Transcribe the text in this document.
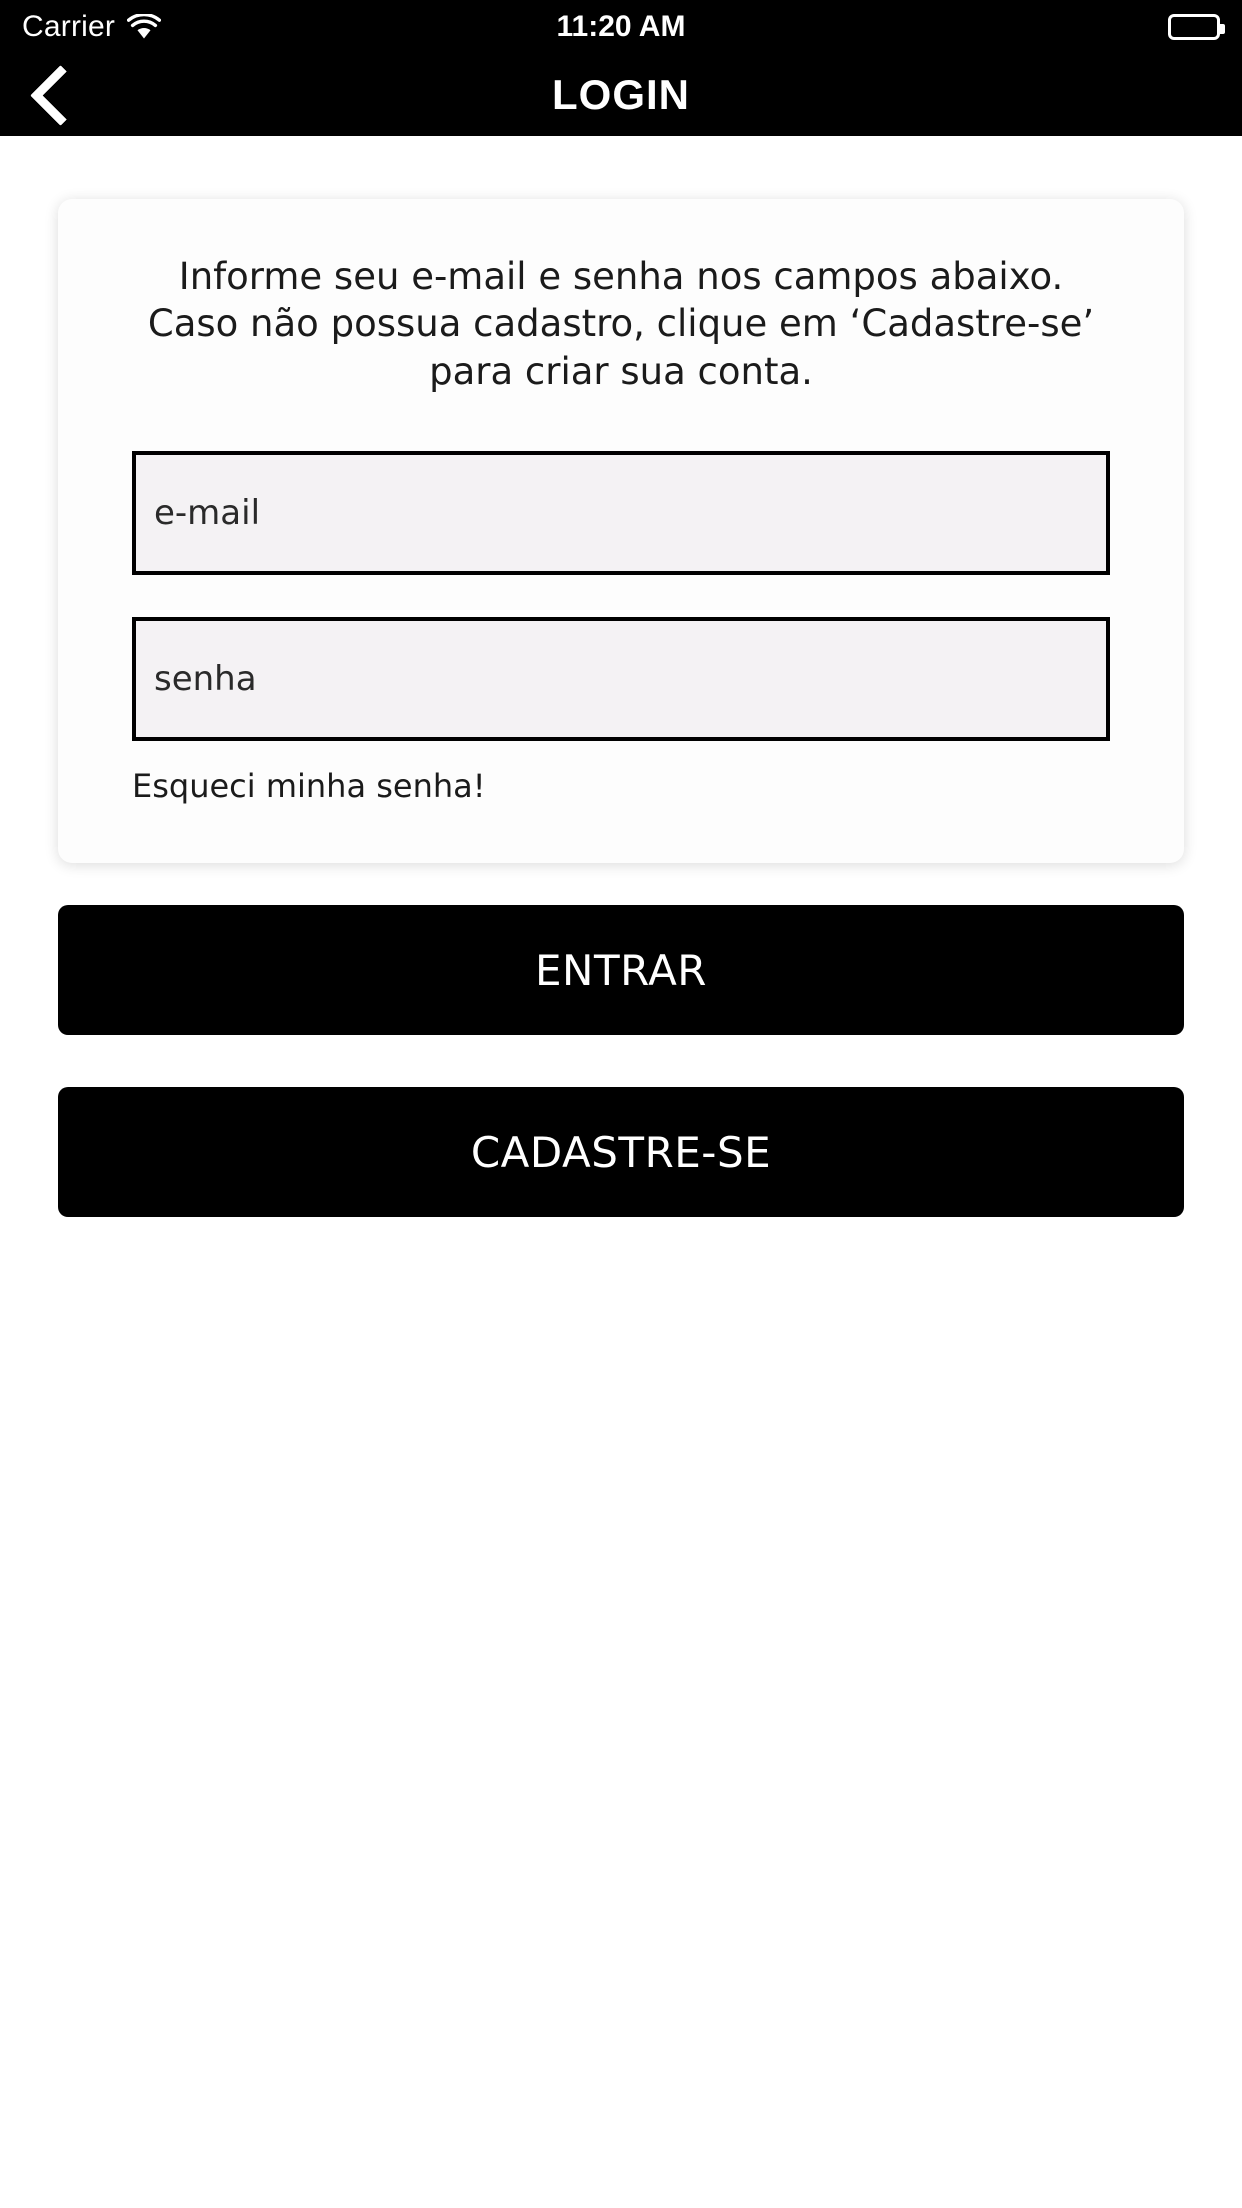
Carrier	11:20 AM
LOGIN

Informe seu e-mail e senha nos campos abaixo. Caso não possua cadastro, clique em ‘Cadastre-se’ para criar sua conta.

e-mail
Esqueci minha senha!
ENTRAR
CADASTRE-SE
